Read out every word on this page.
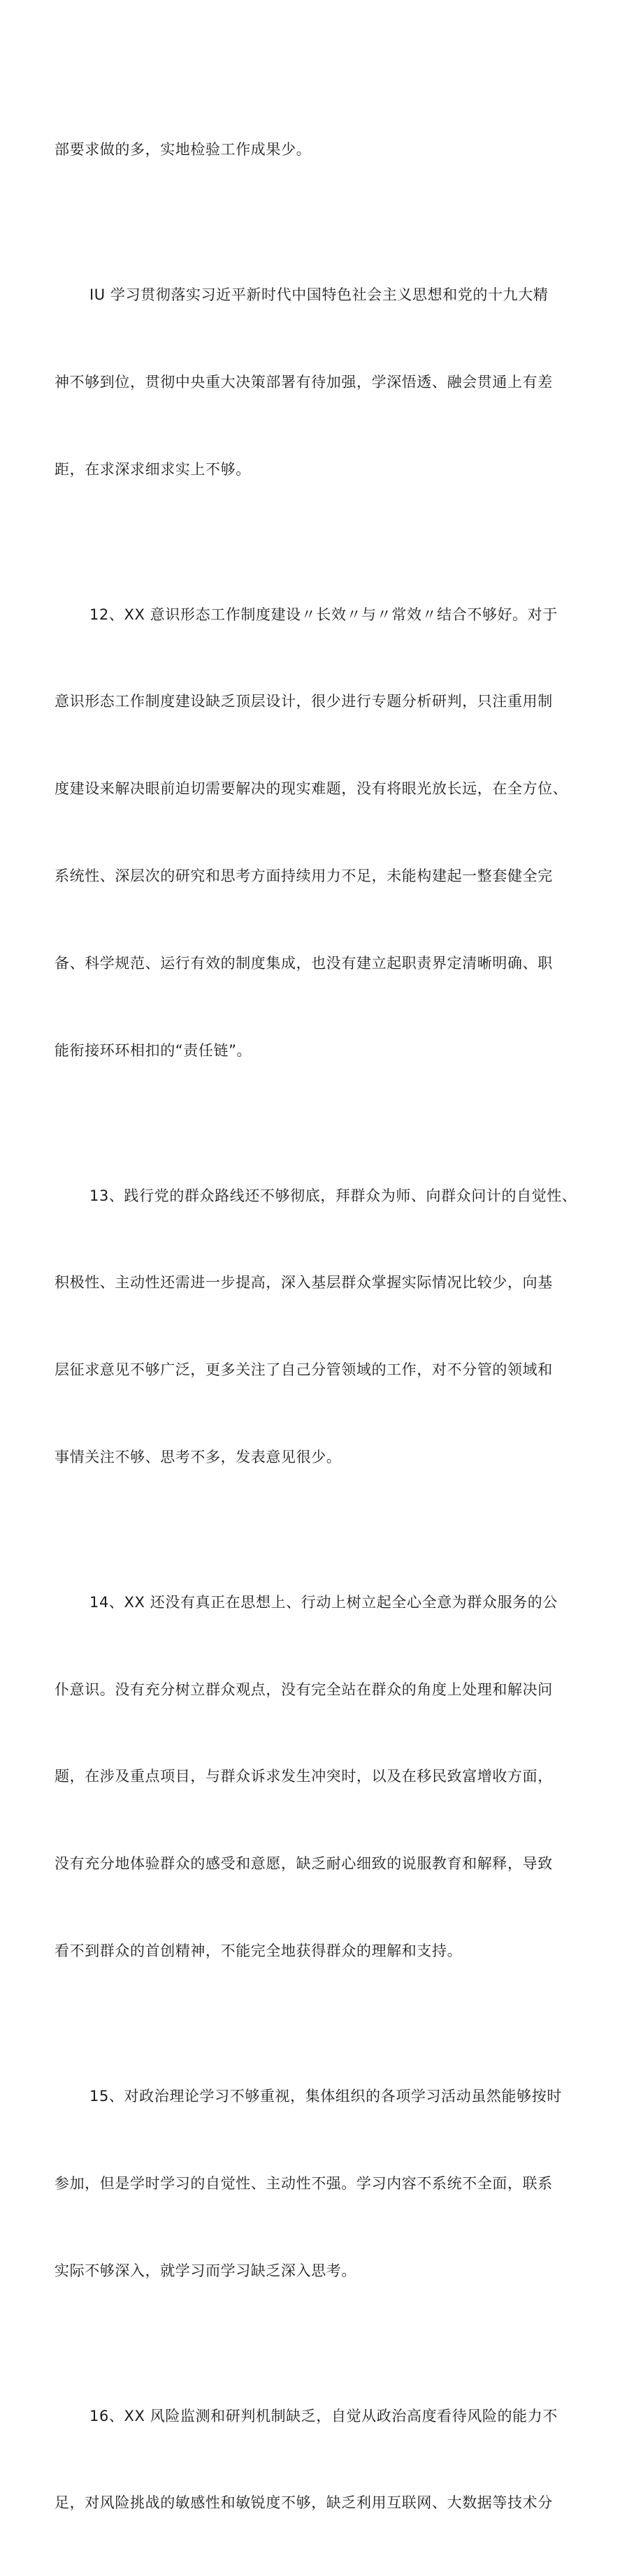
部要求做的多，实地检验工作成果少。

IU 学习贯彻落实习近平新时代中国特色社会主义思想和党的十九大精

神不够到位，贯彻中央重大决策部署有待加强，学深悟透、融会贯通上有差

距，在求深求细求实上不够。

12、XX 意识形态工作制度建设〃长效〃与〃常效〃结合不够好。对于

意识形态工作制度建设缺乏顶层设计，很少进行专题分析研判，只注重用制

度建设来解决眼前迫切需要解决的现实难题，没有将眼光放长远，在全方位、

系统性、深层次的研究和思考方面持续用力不足，未能构建起一整套健全完

备、科学规范、运行有效的制度集成，也没有建立起职责界定清晰明确、职

能衔接环环相扣的“责任链”。

13、践行党的群众路线还不够彻底，拜群众为师、向群众问计的自觉性、

积极性、主动性还需进一步提高，深入基层群众掌握实际情况比较少，向基

层征求意见不够广泛，更多关注了自己分管领域的工作，对不分管的领域和

事情关注不够、思考不多，发表意见很少。

14、XX 还没有真正在思想上、行动上树立起全心全意为群众服务的公

仆意识。没有充分树立群众观点，没有完全站在群众的角度上处理和解决问

题，在涉及重点项目，与群众诉求发生冲突时，以及在移民致富增收方面，

没有充分地体验群众的感受和意愿，缺乏耐心细致的说服教育和解释，导致

看不到群众的首创精神，不能完全地获得群众的理解和支持。

15、对政治理论学习不够重视，集体组织的各项学习活动虽然能够按时

参加，但是学时学习的自觉性、主动性不强。学习内容不系统不全面，联系

实际不够深入，就学习而学习缺乏深入思考。

16、XX 风险监测和研判机制缺乏，自觉从政治高度看待风险的能力不

足，对风险挑战的敏感性和敏锐度不够，缺乏利用互联网、大数据等技术分
